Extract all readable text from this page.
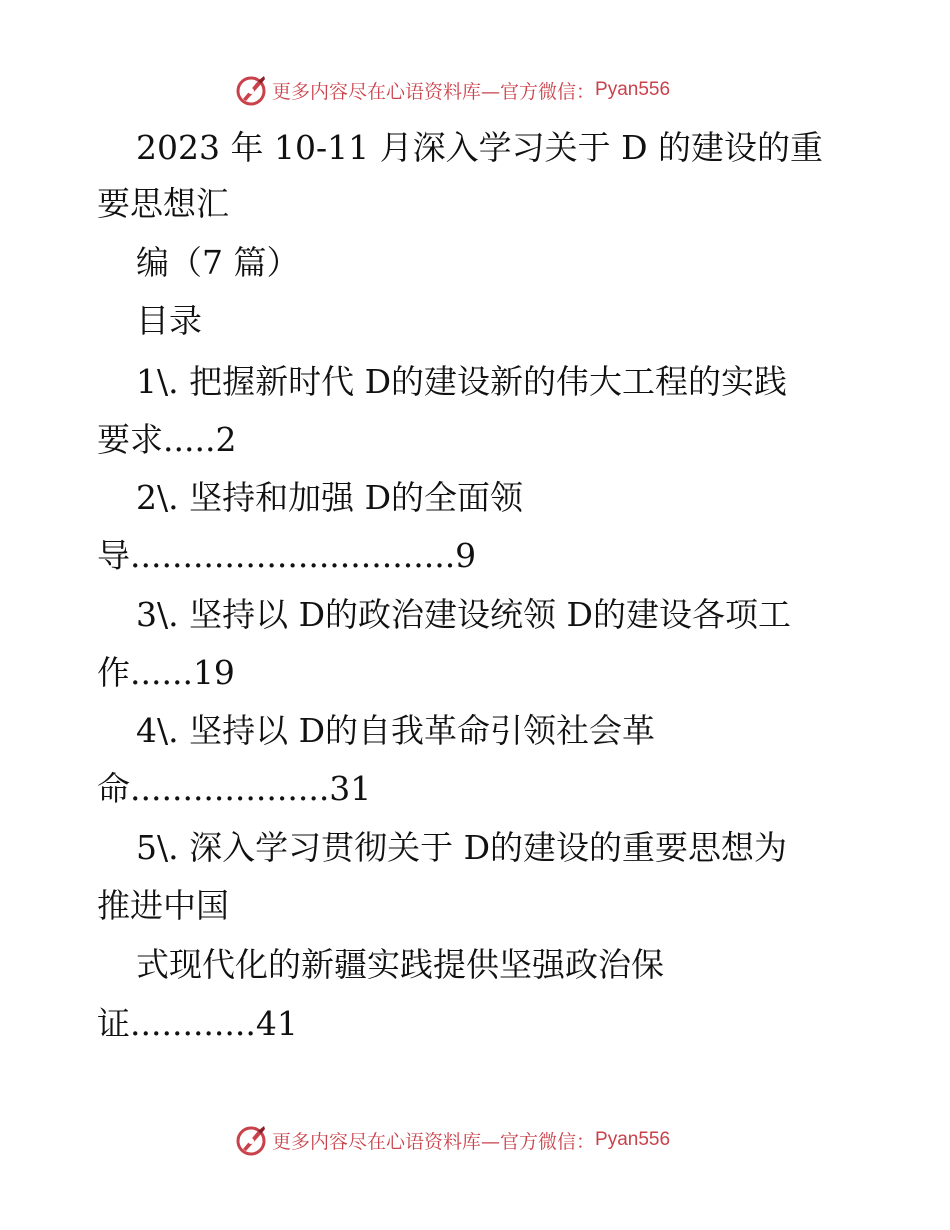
更多内容尽在心语资料库—官方微信： Pyan556
2023 年 10-11 月深入学习关于 D 的建设的重
要思想汇
编（7 篇）
目录
1\. 把握新时代 D的建设新的伟大工程的实践
要求.....2
2\. 坚持和加强 D的全面领
导...............................9
3\. 坚持以 D的政治建设统领 D的建设各项工
作......19
4\. 坚持以 D的自我革命引领社会革
命...................31
5\. 深入学习贯彻关于 D的建设的重要思想为
推进中国
式现代化的新疆实践提供坚强政治保
证............41
更多内容尽在心语资料库—官方微信： Pyan556
